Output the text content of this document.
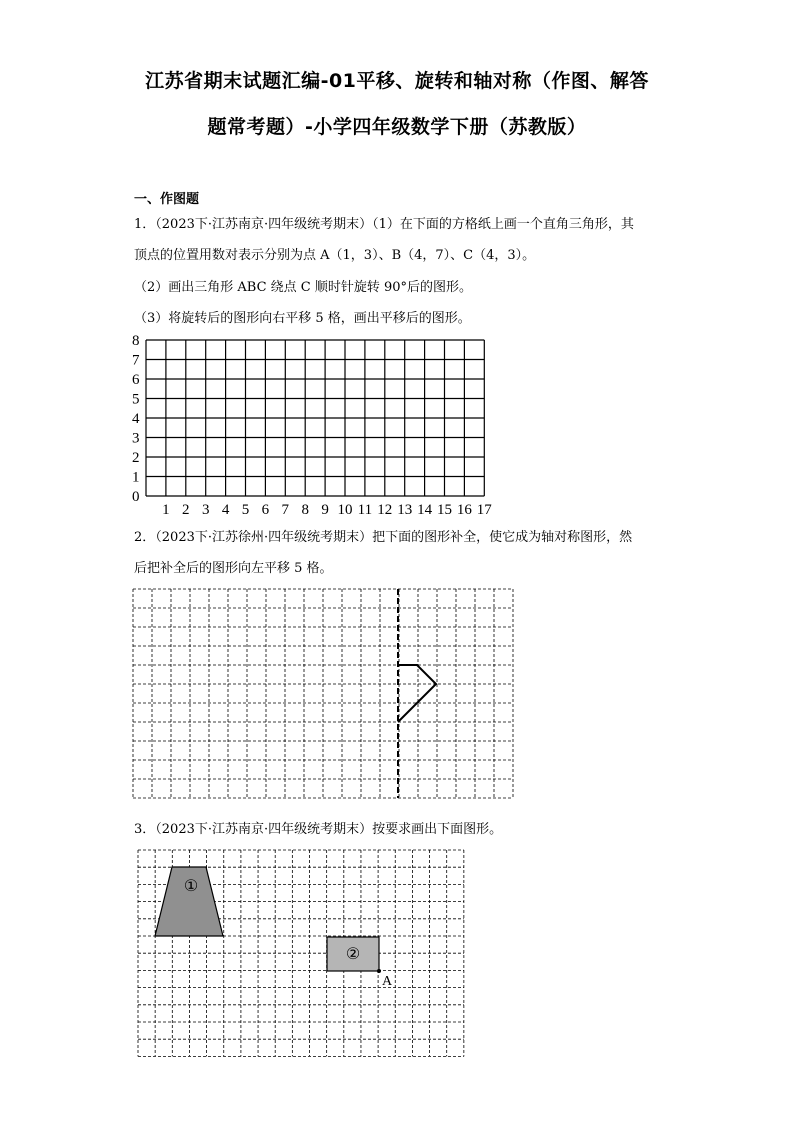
江苏省期末试题汇编-01平移、旋转和轴对称（作图、解答
题常考题）-小学四年级数学下册（苏教版）
一、作图题
1．（2023下·江苏南京·四年级统考期末）（1）在下面的方格纸上画一个直角三角形，其
顶点的位置用数对表示分别为点 A（1，3）、B（4，7）、C（4，3）。
（2）画出三角形 ABC 绕点 C 顺时针旋转 90°后的图形。
（3）将旋转后的图形向右平移 5 格，画出平移后的图形。
8
7
6
5
4
3
2
1
0
1 2 3 4 5 6 7 8 9 10 11 12 13 14 15 16 17
2．（2023下·江苏徐州·四年级统考期末）把下面的图形补全，使它成为轴对称图形，然
后把补全后的图形向左平移 5 格。
3．（2023下·江苏南京·四年级统考期末）按要求画出下面图形。
①
②
A
